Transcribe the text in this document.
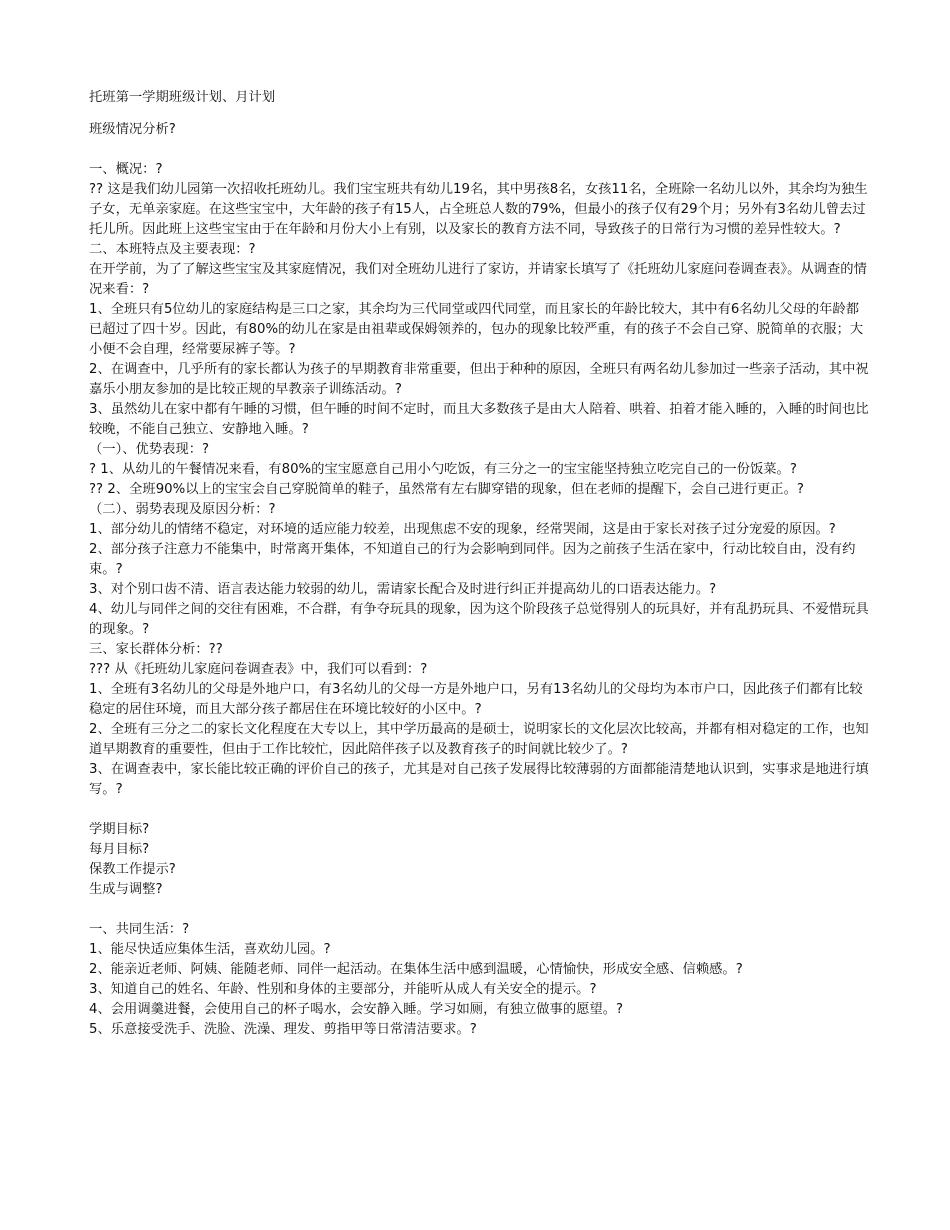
托班第一学期班级计划、月计划

班级情况分析?

一、概况：?

?? 这是我们幼儿园第一次招收托班幼儿。我们宝宝班共有幼儿19名，其中男孩8名，女孩11名，全班除一名幼儿以外，其余均为独生子女，无单亲家庭。在这些宝宝中，大年龄的孩子有15人，占全班总人数的79%，但最小的孩子仅有29个月；另外有3名幼儿曾去过托儿所。因此班上这些宝宝由于在年龄和月份大小上有别，以及家长的教育方法不同，导致孩子的日常行为习惯的差异性较大。?

二、本班特点及主要表现：?

在开学前，为了了解这些宝宝及其家庭情况，我们对全班幼儿进行了家访，并请家长填写了《托班幼儿家庭问卷调查表》。从调查的情况来看：?

1、全班只有5位幼儿的家庭结构是三口之家，其余均为三代同堂或四代同堂，而且家长的年龄比较大，其中有6名幼儿父母的年龄都已超过了四十岁。因此，有80%的幼儿在家是由祖辈或保姆领养的，包办的现象比较严重，有的孩子不会自己穿、脱简单的衣服；大小便不会自理，经常要尿裤子等。?

2、在调查中，几乎所有的家长都认为孩子的早期教育非常重要，但出于种种的原因，全班只有两名幼儿参加过一些亲子活动，其中祝嘉乐小朋友参加的是比较正规的早教亲子训练活动。?

3、虽然幼儿在家中都有午睡的习惯，但午睡的时间不定时，而且大多数孩子是由大人陪着、哄着、拍着才能入睡的，入睡的时间也比较晚，不能自己独立、安静地入睡。?

（一）、优势表现：?

? 1、从幼儿的午餐情况来看，有80%的宝宝愿意自己用小勺吃饭，有三分之一的宝宝能坚持独立吃完自己的一份饭菜。?

?? 2、全班90%以上的宝宝会自己穿脱简单的鞋子，虽然常有左右脚穿错的现象，但在老师的提醒下，会自己进行更正。?

（二）、弱势表现及原因分析：?

1、部分幼儿的情绪不稳定，对环境的适应能力较差，出现焦虑不安的现象，经常哭闹，这是由于家长对孩子过分宠爱的原因。?

2、部分孩子注意力不能集中，时常离开集体，不知道自己的行为会影响到同伴。因为之前孩子生活在家中，行动比较自由，没有约束。?

3、对个别口齿不清、语言表达能力较弱的幼儿，需请家长配合及时进行纠正并提高幼儿的口语表达能力。?

4、幼儿与同伴之间的交往有困难，不合群，有争夺玩具的现象，因为这个阶段孩子总觉得别人的玩具好，并有乱扔玩具、不爱惜玩具的现象。?

三、家长群体分析：??

??? 从《托班幼儿家庭问卷调查表》中，我们可以看到：?

1、全班有3名幼儿的父母是外地户口，有3名幼儿的父母一方是外地户口，另有13名幼儿的父母均为本市户口，因此孩子们都有比较稳定的居住环境，而且大部分孩子都居住在环境比较好的小区中。?

2、全班有三分之二的家长文化程度在大专以上，其中学历最高的是硕士，说明家长的文化层次比较高，并都有相对稳定的工作，也知道早期教育的重要性，但由于工作比较忙，因此陪伴孩子以及教育孩子的时间就比较少了。?

3、在调查表中，家长能比较正确的评价自己的孩子，尤其是对自己孩子发展得比较薄弱的方面都能清楚地认识到，实事求是地进行填写。?

学期目标?

每月目标?

保教工作提示?

生成与调整?

一、共同生活：?

1、能尽快适应集体生活，喜欢幼儿园。?

2、能亲近老师、阿姨、能随老师、同伴一起活动。在集体生活中感到温暖，心情愉快，形成安全感、信赖感。?

3、知道自己的姓名、年龄、性别和身体的主要部分，并能听从成人有关安全的提示。?

4、会用调羹进餐，会使用自己的杯子喝水，会安静入睡。学习如厕，有独立做事的愿望。?

5、乐意接受洗手、洗脸、洗澡、理发、剪指甲等日常清洁要求。?
